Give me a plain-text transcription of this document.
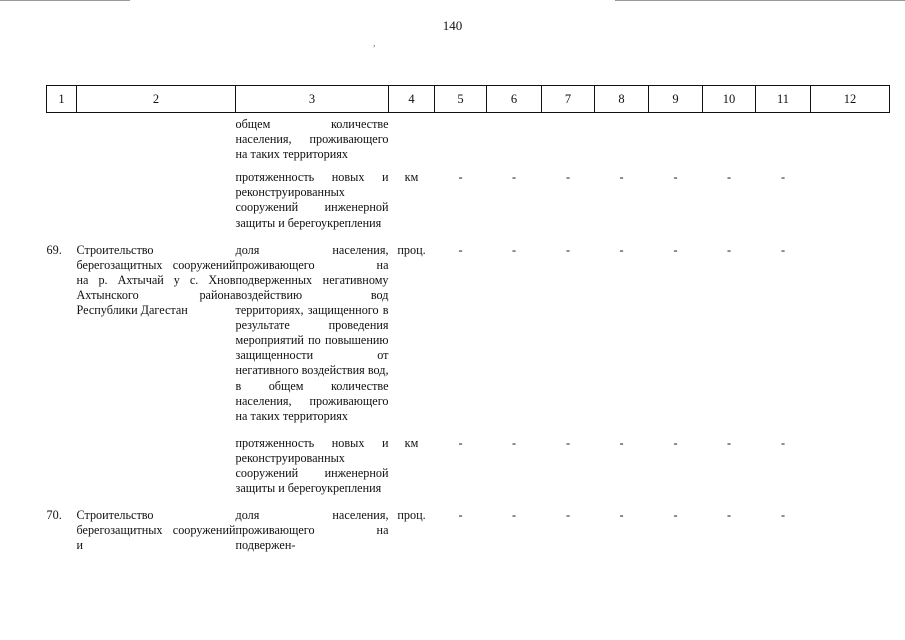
140
,
1	2	3	4	5	6	7	8	9	10	11	12
		общем количестве населения, проживающего на таких территориях									
		протяженность новых и реконструированных сооружений инженерной защиты и берегоукрепления	км	-	-	-	-	-	-	-	
69.	Строительство берегозащитных сооружений на р. Ахтычай у с. Хнов Ахтынского района Республики Дагестан	доля населения, проживающего на подверженных негативному воздействию вод территориях, защищенного в результате проведения мероприятий по повышению защищенности от негативного воздействия вод, в общем количестве населения, проживающего на таких территориях	проц.	-	-	-	-	-	-	-	
		протяженность новых и реконструированных сооружений инженерной защиты и берегоукрепления	км	-	-	-	-	-	-	-	
70.	Строительство берегозащитных сооружений и	доля населения, проживающего на подвержен-	проц.	-	-	-	-	-	-	-	
